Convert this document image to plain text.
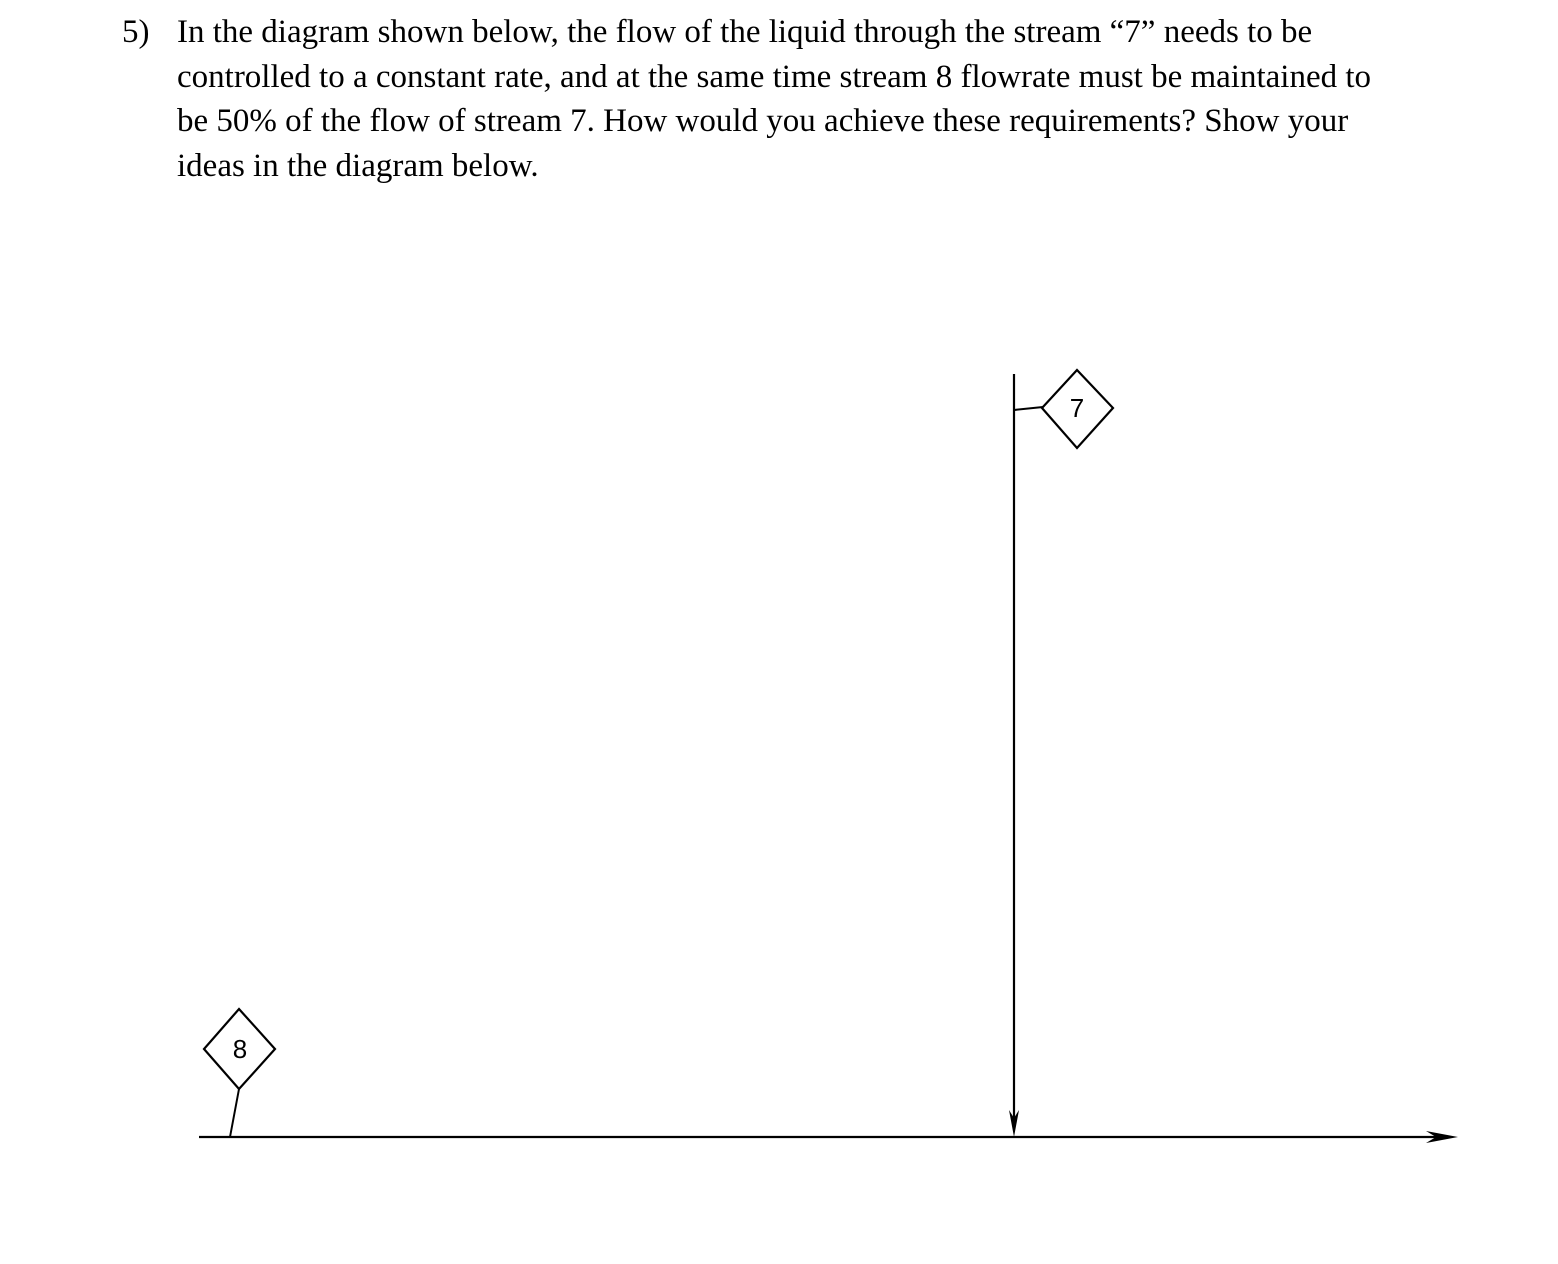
5) In the diagram shown below, the flow of the liquid through the stream “7” needs to be
controlled to a constant rate, and at the same time stream 8 flowrate must be maintained to
be 50% of the flow of stream 7. How would you achieve these requirements? Show your
ideas in the diagram below.
7
8
